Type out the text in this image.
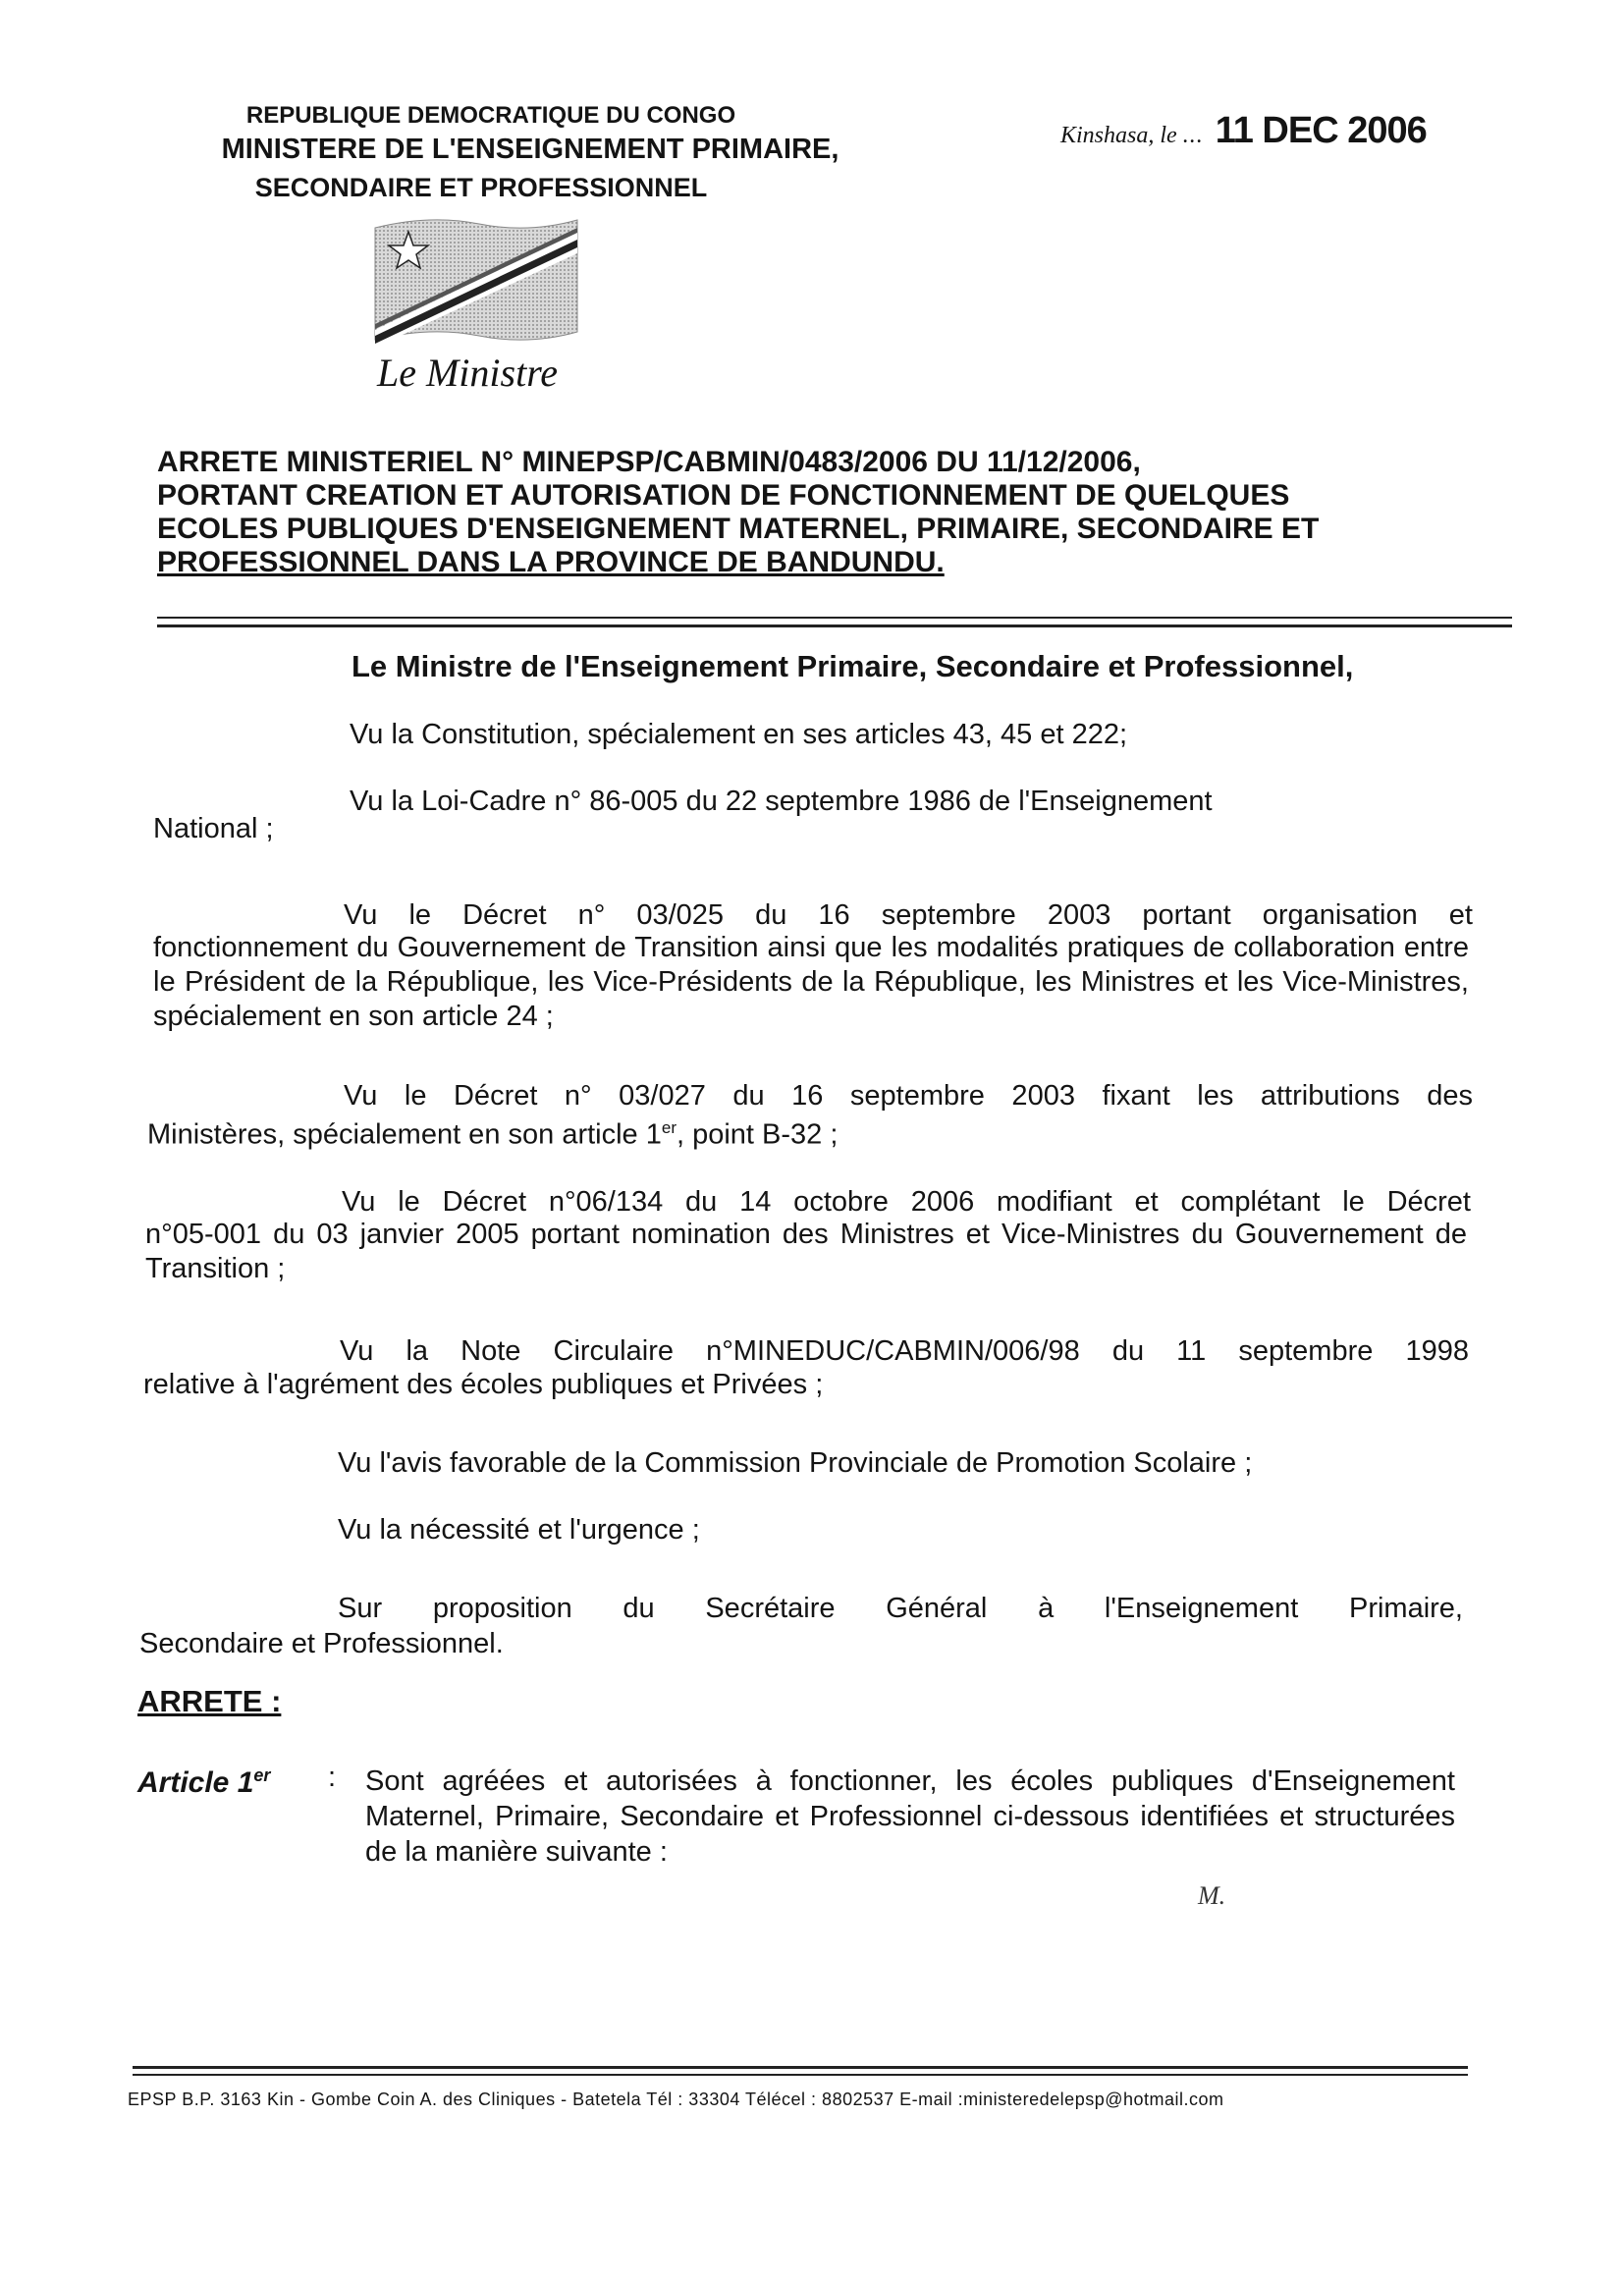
REPUBLIQUE DEMOCRATIQUE DU CONGO
MINISTERE DE L'ENSEIGNEMENT PRIMAIRE,
SECONDAIRE ET PROFESSIONNEL
Kinshasa, le ... 11 DEC 2006
Le Ministre
ARRETE MINISTERIEL N° MINEPSP/CABMIN/0483/2006 DU 11/12/2006,
PORTANT CREATION ET AUTORISATION DE FONCTIONNEMENT DE QUELQUES
ECOLES PUBLIQUES D'ENSEIGNEMENT MATERNEL, PRIMAIRE, SECONDAIRE ET
PROFESSIONNEL DANS LA PROVINCE DE BANDUNDU.
Le Ministre de l'Enseignement Primaire, Secondaire et Professionnel,
Vu la Constitution, spécialement en ses articles 43, 45 et 222;
Vu la Loi-Cadre n° 86-005 du 22 septembre 1986 de l'Enseignement
National ;
Vu le Décret n° 03/025 du 16 septembre 2003 portant organisation et
fonctionnement du Gouvernement de Transition ainsi que les modalités pratiques de collaboration entre le Président de la République, les Vice-Présidents de la République, les Ministres et les Vice-Ministres, spécialement en son article 24 ;
Vu le Décret n° 03/027 du 16 septembre 2003 fixant les attributions des
Ministères, spécialement en son article 1er, point B-32 ;
Vu le Décret n°06/134 du 14 octobre 2006 modifiant et complétant le Décret
n°05-001 du 03 janvier 2005 portant nomination des Ministres et Vice-Ministres du Gouvernement de Transition ;
Vu la Note Circulaire n°MINEDUC/CABMIN/006/98 du 11 septembre 1998
relative à l'agrément des écoles publiques et Privées ;
Vu l'avis favorable de la Commission Provinciale de Promotion Scolaire ;
Vu la nécessité et l'urgence ;
Sur proposition du Secrétaire Général à l'Enseignement Primaire,
Secondaire et Professionnel.
ARRETE :
Article 1er : Sont agréées et autorisées à fonctionner, les écoles publiques d'Enseignement Maternel, Primaire, Secondaire et Professionnel ci-dessous identifiées et structurées de la manière suivante :
M.
EPSP B.P. 3163 Kin - Gombe Coin A. des Cliniques - Batetela Tél : 33304 Télécel : 8802537 E-mail :ministeredelepsp@hotmail.com
